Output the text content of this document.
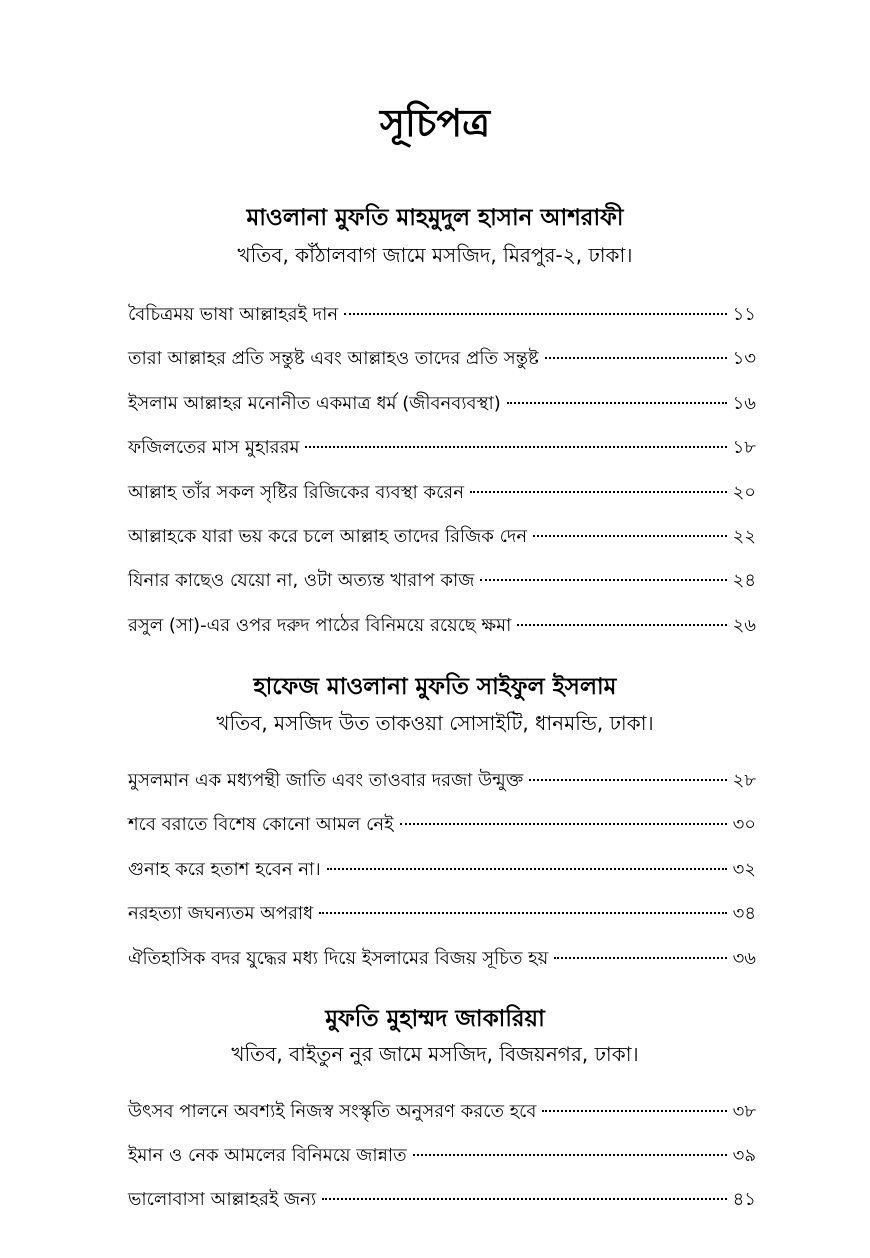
সূচিপত্র
মাওলানা মুফতি মাহমুদুল হাসান আশরাফী
খতিব, কাঁঠালবাগ জামে মসজিদ, মিরপুর-২, ঢাকা।
বৈচিত্রময় ভাষা আল্লাহরই দান	১১
তারা আল্লাহর প্রতি সন্তুষ্ট এবং আল্লাহও তাদের প্রতি সন্তুষ্ট	১৩
ইসলাম আল্লাহর মনোনীত একমাত্র ধর্ম (জীবনব্যবস্থা)	১৬
ফজিলতের মাস মুহাররম	১৮
আল্লাহ তাঁর সকল সৃষ্টির রিজিকের ব্যবস্থা করেন	২০
আল্লাহকে যারা ভয় করে চলে আল্লাহ তাদের রিজিক দেন	২২
যিনার কাছেও যেয়ো না, ওটা অত্যন্ত খারাপ কাজ	২৪
রসুল (সা)-এর ওপর দরুদ পাঠের বিনিময়ে রয়েছে ক্ষমা	২৬
হাফেজ মাওলানা মুফতি সাইফুল ইসলাম
খতিব, মসজিদ উত তাকওয়া সোসাইটি, ধানমন্ডি, ঢাকা।
মুসলমান এক মধ্যপন্থী জাতি এবং তাওবার দরজা উন্মুক্ত	২৮
শবে বরাতে বিশেষ কোনো আমল নেই	৩০
গুনাহ করে হতাশ হবেন না।	৩২
নরহত্যা জঘন্যতম অপরাধ	৩৪
ঐতিহাসিক বদর যুদ্ধের মধ্য দিয়ে ইসলামের বিজয় সূচিত হয়	৩৬
মুফতি মুহাম্মদ জাকারিয়া
খতিব, বাইতুন নুর জামে মসজিদ, বিজয়নগর, ঢাকা।
উৎসব পালনে অবশ্যই নিজস্ব সংস্কৃতি অনুসরণ করতে হবে	৩৮
ইমান ও নেক আমলের বিনিময়ে জান্নাত	৩৯
ভালোবাসা আল্লাহরই জন্য	৪১
